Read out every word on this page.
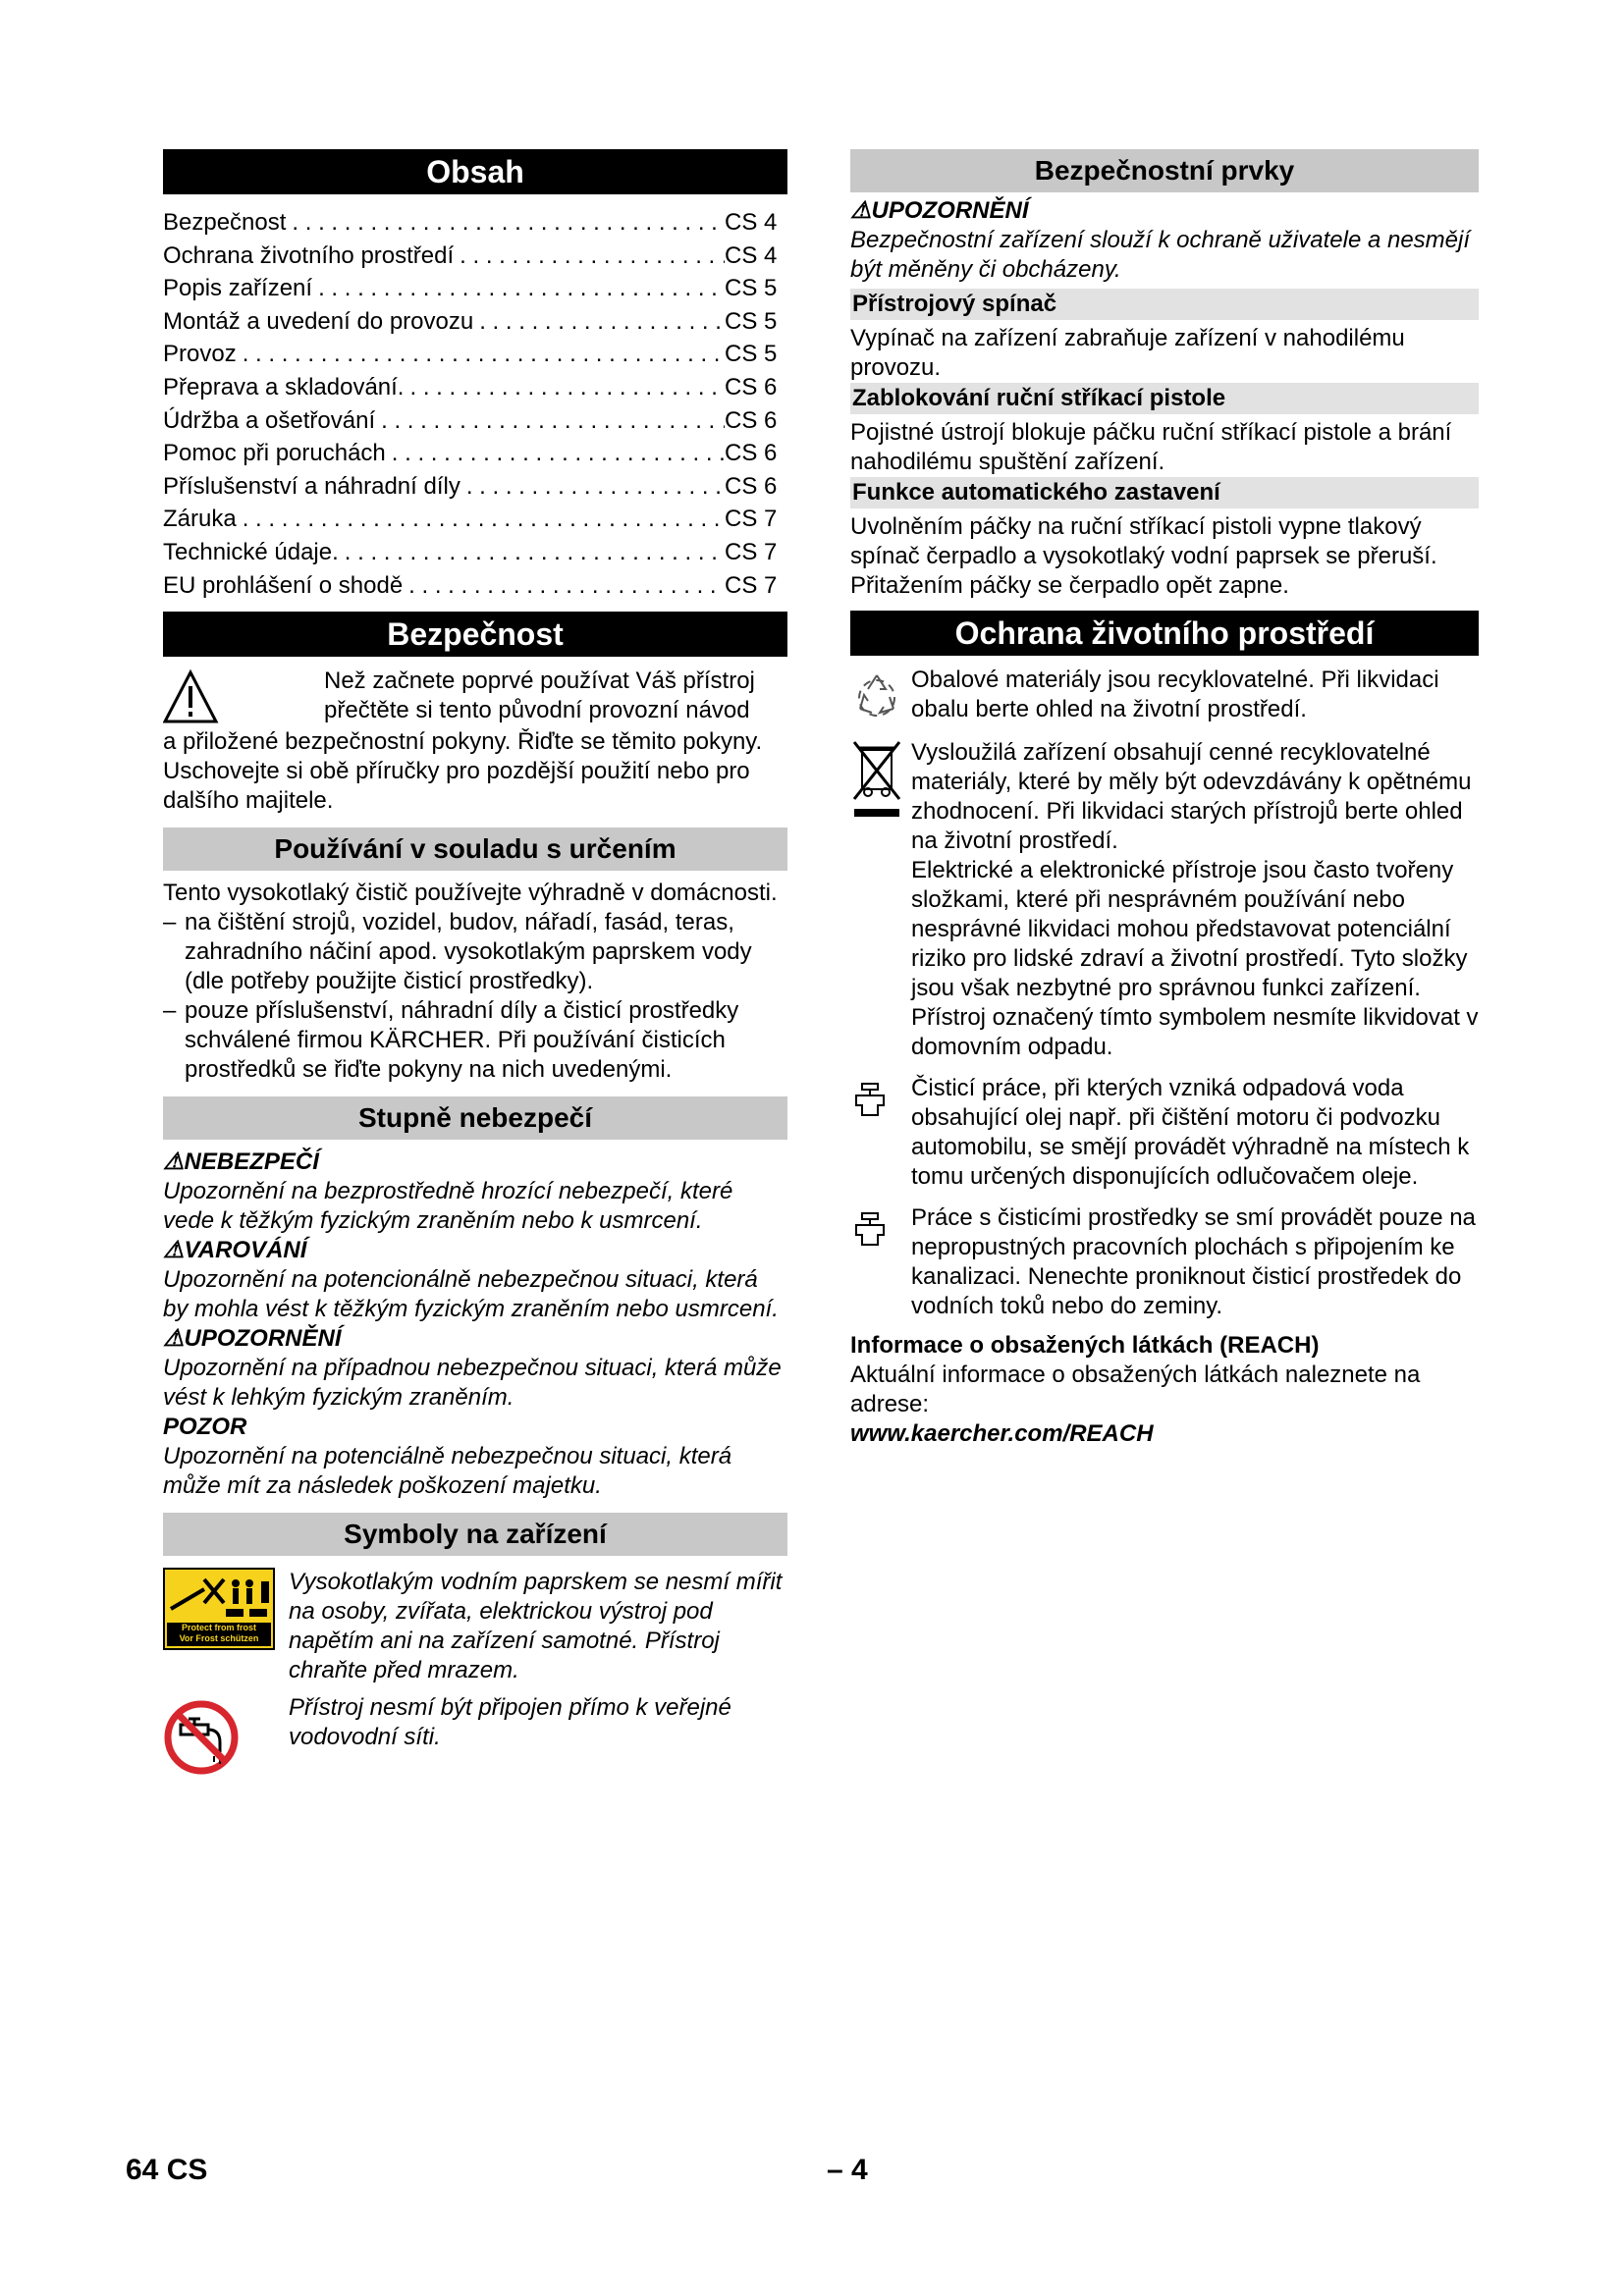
Obsah
Bezpečnost . . .	CS 4
Ochrana životního prostředí . . .	CS 4
Popis zařízení . . .	CS 5
Montáž a uvedení do provozu . . .	CS 5
Provoz . . .	CS 5
Přeprava a skladování. . . .	CS 6
Údržba a ošetřování . . .	CS 6
Pomoc při poruchách . . .	CS 6
Příslušenství a náhradní díly . . .	CS 6
Záruka . . .	CS 7
Technické údaje. . . .	CS 7
EU prohlášení o shodě . . .	CS 7
Bezpečnost

Než začnete poprvé používat Váš přístroj přečtěte si tento původní provozní návod

a přiložené bezpečnostní pokyny. Řiďte se těmito pokyny. Uschovejte si obě příručky pro pozdější použití nebo pro dalšího majitele.

Používání v souladu s určením

Tento vysokotlaký čistič používejte výhradně v domácnosti.

– na čištění strojů, vozidel, budov, nářadí, fasád, teras, zahradního náčiní apod. vysokotlakým paprskem vody (dle potřeby použijte čisticí prostředky).
– pouze příslušenství, náhradní díly a čisticí prostředky schválené firmou KÄRCHER. Při používání čisticích prostředků se řiďte pokyny na nich uvedenými.
Stupně nebezpečí

⚠NEBEZPEČÍ

Upozornění na bezprostředně hrozící nebezpečí, které vede k těžkým fyzickým zraněním nebo k usmrcení.

⚠VAROVÁNÍ

Upozornění na potencionálně nebezpečnou situaci, která by mohla vést k těžkým fyzickým zraněním nebo usmrcení.

⚠UPOZORNĚNÍ

Upozornění na případnou nebezpečnou situaci, která může vést k lehkým fyzickým zraněním.

POZOR

Upozornění na potenciálně nebezpečnou situaci, která může mít za následek poškození majetku.

Symboly na zařízení
Protect from frost
Vor Frost schützen

Vysokotlakým vodním paprskem se nesmí mířit na osoby, zvířata, elektrickou výstroj pod napětím ani na zařízení samotné. Přístroj chraňte před mrazem.

Přístroj nesmí být připojen přímo k veřejné vodovodní síti.

Bezpečnostní prvky

⚠UPOZORNĚNÍ

Bezpečnostní zařízení slouží k ochraně uživatele a nesmějí být měněny či obcházeny.

Přístrojový spínač

Vypínač na zařízení zabraňuje zařízení v nahodilému provozu.

Zablokování ruční stříkací pistole

Pojistné ústrojí blokuje páčku ruční stříkací pistole a brání nahodilému spuštění zařízení.

Funkce automatického zastavení

Uvolněním páčky na ruční stříkací pistoli vypne tlakový spínač čerpadlo a vysokotlaký vodní paprsek se přeruší. Přitažením páčky se čerpadlo opět zapne.

Ochrana životního prostředí

Obalové materiály jsou recyklovatelné. Při likvidaci obalu berte ohled na životní prostředí.

Vysloužilá zařízení obsahují cenné recyklovatelné materiály, které by měly být odevzdávány k opětnému zhodnocení. Při likvidaci starých přístrojů berte ohled na životní prostředí.

Elektrické a elektronické přístroje jsou často tvořeny složkami, které při nesprávném používání nebo nesprávné likvidaci mohou představovat potenciální riziko pro lidské zdraví a životní prostředí. Tyto složky jsou však nezbytné pro správnou funkci zařízení. Přístroj označený tímto symbolem nesmíte likvidovat v domovním odpadu.

Čisticí práce, při kterých vzniká odpadová voda obsahující olej např. při čištění motoru či podvozku automobilu, se smějí provádět výhradně na místech k tomu určených disponujících odlučovačem oleje.

Práce s čisticími prostředky se smí provádět pouze na nepropustných pracovních plochách s připojením ke kanalizaci. Nenechte proniknout čisticí prostředek do vodních toků nebo do zeminy.

Informace o obsažených látkách (REACH)

Aktuální informace o obsažených látkách naleznete na adrese:

www.kaercher.com/REACH

64 CS	– 4
